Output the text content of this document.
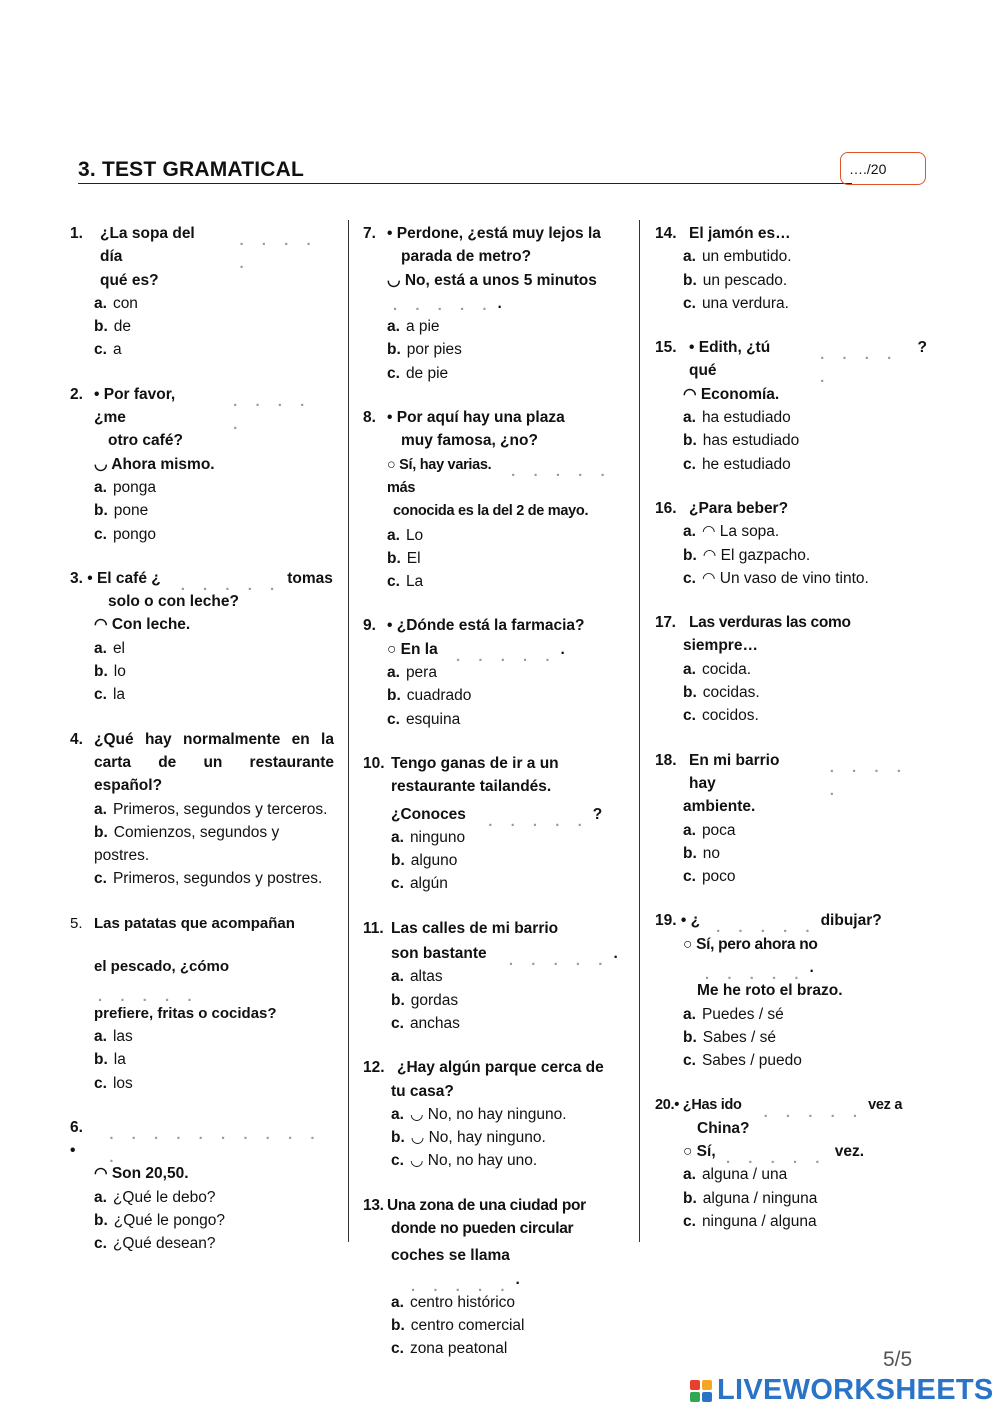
3. TEST GRAMATICAL	…./20
1.	¿La sopa del día
. . . . .
qué es?
a. con
b. de
c. a
2. • Por favor, ¿me
. . . . .
otro café?
◡ Ahora mismo.
a. ponga
b. pone
c. pongo
3. • El café ¿ . . . . . tomas
solo o con leche?
◠ Con leche.
a. el
b. lo
c. la
4. ¿Qué hay normalmente en la carta de un restaurante español?
a. Primeros, segundos y terceros.
b. Comienzos, segundos y postres.
c. Primeros, segundos y postres.
5. Las patatas que acompañan
el pescado, ¿cómo . . . . .
prefiere, fritas o cocidas?
a. las
b. la
c. los
6. •
. . . . . . . . . . .
◠ Son 20,50.
a. ¿Qué le debo?
b. ¿Qué le pongo?
c. ¿Qué desean?
7. • Perdone, ¿está muy lejos la
parada de metro?
◡ No, está a unos 5 minutos
. . . . . .
a. a pie
b. por pies
c. de pie
8. • Por aquí hay una plaza
muy famosa, ¿no?
○ Sí, hay varias. . . . . . más
conocida es la del 2 de mayo.
a. Lo
b. El
c. La
9. • ¿Dónde está la farmacia?
○ En la . . . . . .
a. pera
b. cuadrado
c. esquina
10. Tengo ganas de ir a un
restaurante tailandés.
¿Conoces . . . . . ?
a. ninguno
b. alguno
c. algún
11. Las calles de mi barrio
son bastante . . . . . .
a. altas
b. gordas
c. anchas
12. ¿Hay algún parque cerca de
tu casa?
a. ◡ No, no hay ninguno.
b. ◡ No, hay ninguno.
c. ◡ No, no hay uno.
13. Una zona de una ciudad por
donde no pueden circular
coches se llama . . . . . .
a. centro histórico
b. centro comercial
c. zona peatonal
14. El jamón es…
a. un embutido.
b. un pescado.
c. una verdura.
15. • Edith, ¿tú qué
. . . . .
?
◠ Economía.
a. ha estudiado
b. has estudiado
c. he estudiado
16. ¿Para beber?
a. ◠ La sopa.
b. ◠ El gazpacho.
c. ◠ Un vaso de vino tinto.
17. Las verduras las como
siempre…
a. cocida.
b. cocidas.
c. cocidos.
18. En mi barrio hay
. . . . .
ambiente.
a. poca
b. no
c. poco
19. • ¿ . . . . . dibujar?
○ Sí, pero ahora no . . . . . .
Me he roto el brazo.
a. Puedes / sé
b. Sabes / sé
c. Sabes / puedo
20.• ¿Has ido . . . . . vez a
China?
○ Sí, . . . . . vez.
a. alguna / una
b. alguna / ninguna
c. ninguna / alguna
5/5
LIVEWORKSHEETS
